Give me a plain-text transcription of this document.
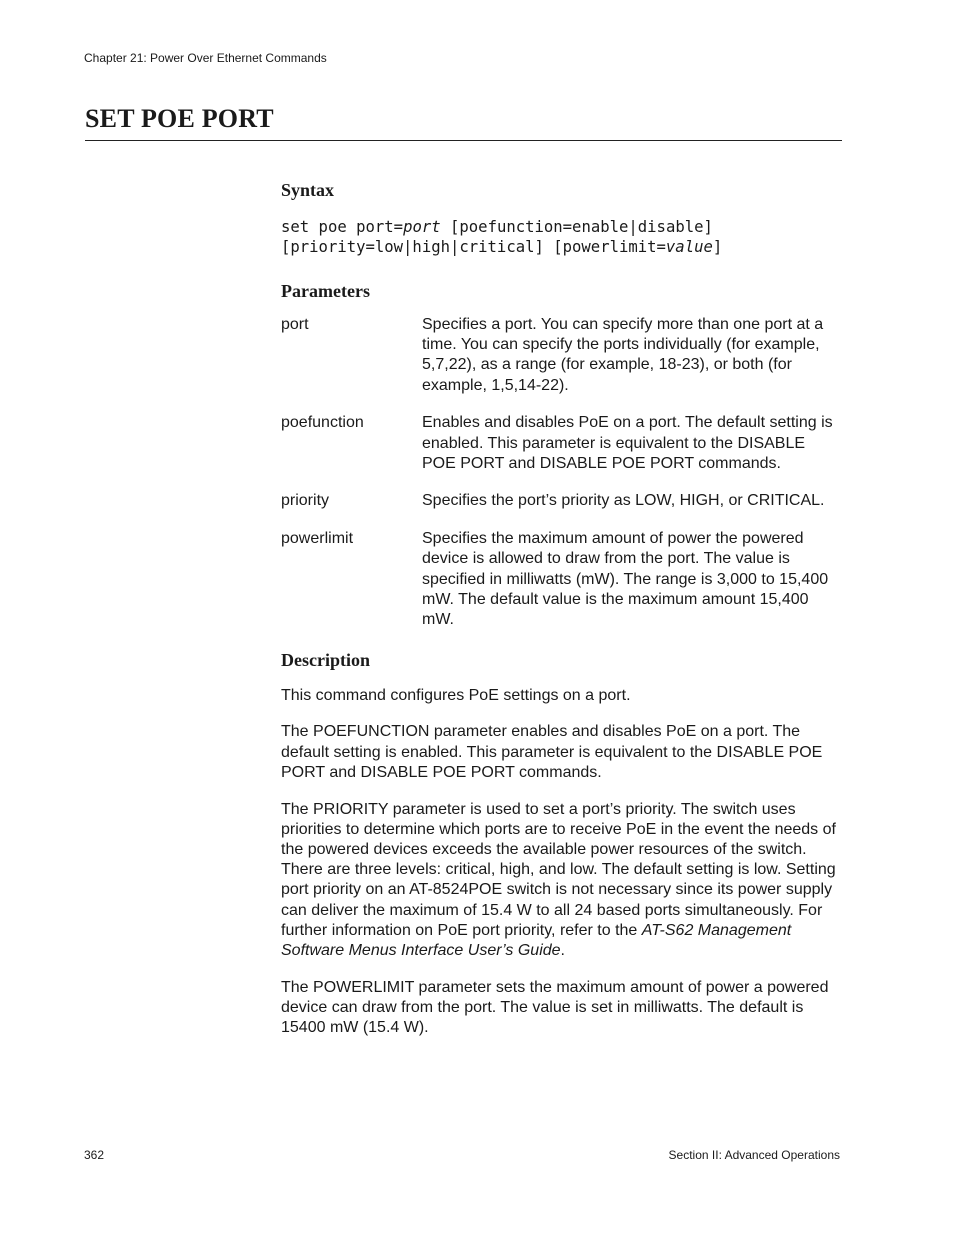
Chapter 21: Power Over Ethernet Commands
SET POE PORT
Syntax
set poe port=port [poefunction=enable|disable]
[priority=low|high|critical] [powerlimit=value]
Parameters
port	Specifies a port. You can specify more than one port at a time. You can specify the ports individually (for example, 5,7,22), as a range (for example, 18-23), or both (for example, 1,5,14-22).
poefunction	Enables and disables PoE on a port. The default setting is enabled. This parameter is equivalent to the DISABLE POE PORT and DISABLE POE PORT commands.
priority	Specifies the port’s priority as LOW, HIGH, or CRITICAL.
powerlimit	Specifies the maximum amount of power the powered device is allowed to draw from the port. The value is specified in milliwatts (mW). The range is 3,000 to 15,400 mW. The default value is the maximum amount 15,400 mW.
Description

This command configures PoE settings on a port.

The POEFUNCTION parameter enables and disables PoE on a port. The default setting is enabled. This parameter is equivalent to the DISABLE POE PORT and DISABLE POE PORT commands.

The PRIORITY parameter is used to set a port’s priority. The switch uses priorities to determine which ports are to receive PoE in the event the needs of the powered devices exceeds the available power resources of the switch. There are three levels: critical, high, and low. The default setting is low. Setting port priority on an AT-8524POE switch is not necessary since its power supply can deliver the maximum of 15.4 W to all 24 based ports simultaneously. For further information on PoE port priority, refer to the AT-S62 Management Software Menus Interface User’s Guide.

The POWERLIMIT parameter sets the maximum amount of power a powered device can draw from the port. The value is set in milliwatts. The default is 15400 mW (15.4 W).

362	Section II: Advanced Operations
